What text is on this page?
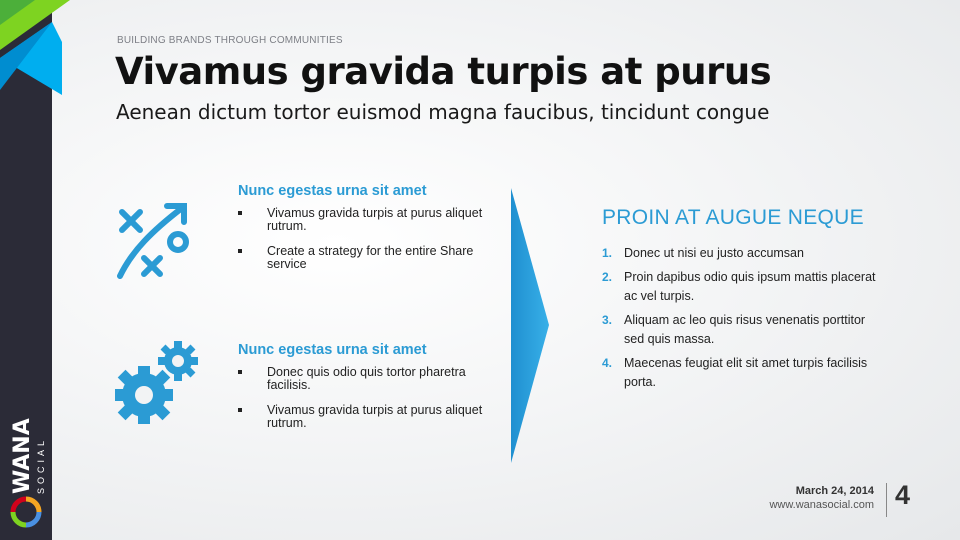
WANA SOCIAL
BUILDING BRANDS THROUGH COMMUNITIES
Vivamus gravida turpis at purus
Aenean dictum tortor euismod magna faucibus, tincidunt congue
Nunc egestas urna sit amet
Vivamus gravida turpis at purus aliquet rutrum.
Create a strategy for the entire Share service
Nunc egestas urna sit amet
Donec quis odio quis tortor pharetra facilisis.
Vivamus gravida turpis at purus aliquet rutrum.
PROIN AT AUGUE NEQUE
1. Donec ut nisi eu justo accumsan
2. Proin dapibus odio quis ipsum mattis placerat ac vel turpis.
3. Aliquam ac leo quis risus venenatis porttitor sed quis massa.
4. Maecenas feugiat elit sit amet turpis facilisis porta.
March 24, 2014
www.wanasocial.com 4
